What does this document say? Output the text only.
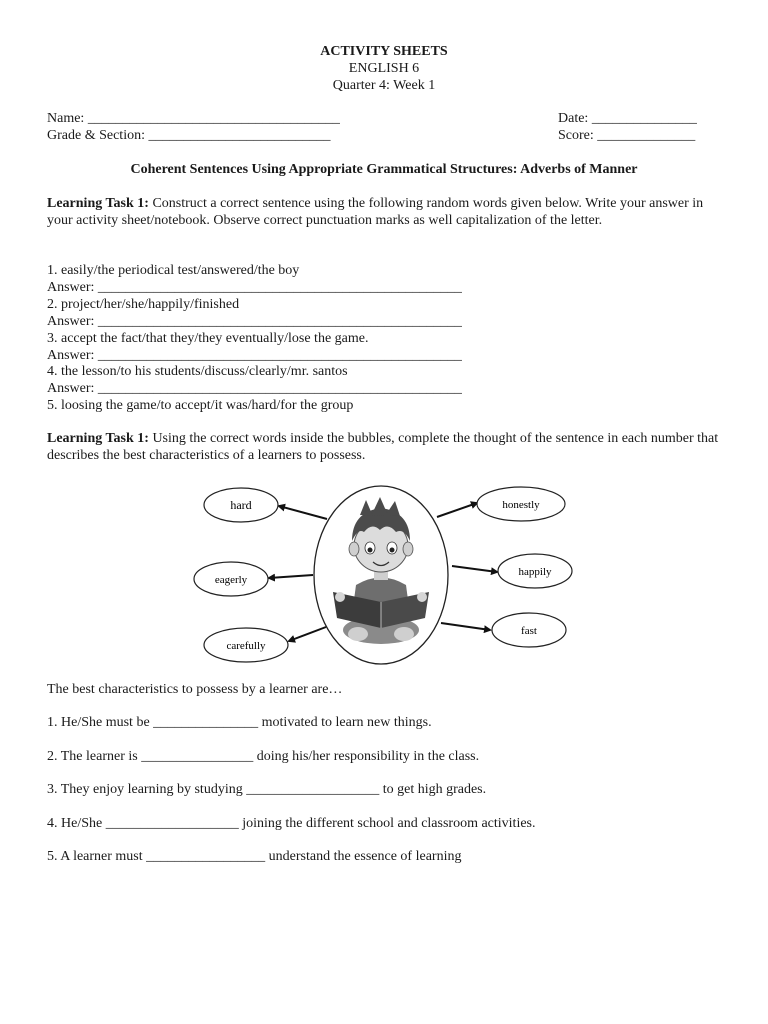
ACTIVITY SHEETS
ENGLISH 6
Quarter 4: Week 1
Name: ____________________________________	Date: _______________
Grade & Section: __________________________	Score: ______________
Coherent Sentences Using Appropriate Grammatical Structures: Adverbs of Manner
Learning Task 1: Construct a correct sentence using the following random words given below. Write your answer in your activity sheet/notebook. Observe correct punctuation marks as well capitalization of the letter.
1. easily/the periodical test/answered/the boy
Answer: ____________________________________________________
2. project/her/she/happily/finished
Answer: ____________________________________________________
3. accept the fact/that they/they eventually/lose the game.
Answer: ____________________________________________________
4. the lesson/to his students/discuss/clearly/mr. santos
Answer: ____________________________________________________
5. loosing the game/to accept/it was/hard/for the group
Learning Task 1: Using the correct words inside the bubbles, complete the thought of the sentence in each number that describes the best characteristics of a learners to possess.
hard
eagerly
carefully
honestly
happily
fast
The best characteristics to possess by a learner are…
1. He/She must be _______________ motivated to learn new things.
2. The learner is ________________ doing his/her responsibility in the class.
3. They enjoy learning by studying ___________________ to get high grades.
4. He/She ___________________ joining the different school and classroom activities.
5. A learner must _________________ understand the essence of learning
